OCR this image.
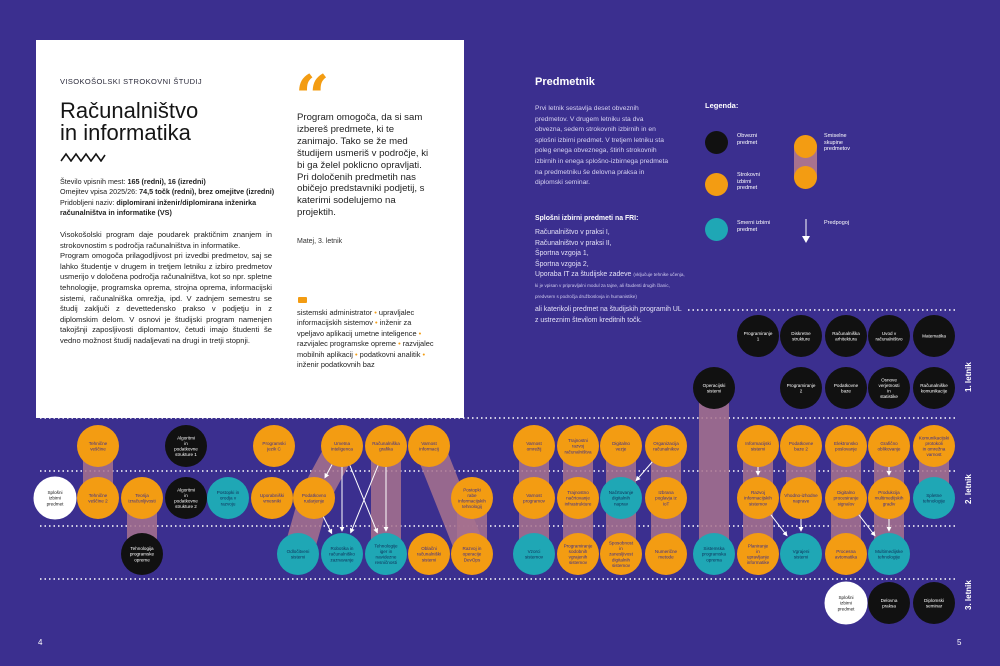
VISOKOŠOLSKI STROKOVNI ŠTUDIJ
Računalništvo
in informatika
Število vpisnih mest: 165 (redni), 16 (izredni)
Omejitev vpisa 2025/26: 74,5 točk (redni), brez omejitve (izredni)
Pridobljeni naziv: diplomirani inženir/diplomirana inženirka računalništva in informatike (VS)
Visokošolski program daje poudarek praktičnim znanjem in strokovnostim s področja računalništva in informatike.
Program omogoča prilagodljivost pri izvedbi predmetov, saj se lahko študentje v drugem in tretjem letniku z izbiro predmetov usmerijo v določena področja računalništva, kot so npr. spletne tehnologije, programska oprema, strojna oprema, informacijski sistemi, računalniška omrežja, ipd. V zadnjem semestru se študij zaključi z devettedensko prakso v podjetju in z diplomskim delom. V osnovi je študijski program namenjen takojšnji zaposljivosti diplomantov, četudi imajo študenti še vedno možnost študij nadaljevati na drugi in tretji stopnji.
“
Program omogoča, da si sam izbereš predmete, ki te zanimajo. Tako se že med študijem usmeriš v področje, ki bi ga želel poklicno opravljati. Pri določenih predmetih nas običejo predstavniki podjetij, s katerimi sodelujemo na projektih.
Matej, 3. letnik
sistemski administrator • upravljalec informacijskih sistemov • inženir za vpeljavo aplikacij umetne inteligence • razvijalec programske opreme • razvijalec mobilnih aplikacij • podatkovni analitik • inženir podatkovnih baz
Predmetnik
Prvi letnik sestavlja deset obveznih predmetov. V drugem letniku sta dva obvezna, sedem strokovnih izbirnih in en splošni izbirni predmet. V tretjem letniku sta poleg enega obveznega, štirih strokovnih izbirnih in enega splošno-izbirnega predmeta na predmetniku še delovna praksa in diplomski seminar.
Splošni izbirni predmeti na FRI:
Računalništvo v praksi I,
Računalništvo v praksi II,
Športna vzgoja 1,
Športna vzgoja 2,
Uporaba IT za študijske zadeve (vključuje tehnike učenja, ki je vpisan v pripravljalni modul za tajne, ali študenti drugih članic, predvsem s področja družboslovja in humanistike)
ali katerikoli predmet na študijskih programih UL z ustreznim številom kreditnih točk.
Legenda:
Obvezni predmet
Strokovni izbirni predmet
Smerni izbirni predmet
Smiselne skupine predmetov
Predpogoj
Programiranje 1
Diskretne strukture
Računalniška arhitektura
Uvod v računalništvo
Matematika
Operacijski sistemi
Programiranje 2
Podatkovne baze
Osnove verjetnosti in statistike
Računalniške komunikacije
Tehnične veščine
Algoritmi in podatkovne strukture 1
Programski jezik C
Umetna inteligenca
Računalniška grafika
Varnost informacij
Varnost omrežij
Trajnostni razvoj računalništva
Digitalno vezje
Organizacija računalnikov
Informacijski sistemi
Podatkovne baze 2
Elektronsko poslovanje
Grafično oblikovanje
Komunikacijski protokoli in omrežna varnost
Splošni izbirni predmet
Tehnične veščine 2
Teorija izračunljivosti
Algoritmi in podatkovne strukture 2
Postopki in orodja v razvoju
Uporabniški vmesniki
Podatkovno rudarjenje
Postopki rabe informacijskih tehnologij
Varnost programov
Trajnostno načrtovanje infrastrukture
Načrtovanje digitalnih naprav
Izbrana poglavja iz IoT
Razvoj informacijskih sistemov
Vhodno-izhodne naprave
Digitalno procesiranje signalov
Produkcija multimedijskih gradiv
Spletne tehnologije
Tehnologija programske opreme
Odločitveni sistemi
Robotika in računalniško zaznavanje
Tehnologije iger in navidezne resničnosti
Oblačni računalniški sistemi
Razvoj in operacije DevOps
Vzorci sistemov
Programiranje sodobnih vgrajenih sistemov
Sposobnost in zanesljivost digitalnih sistemov
Numerične metode
Sistemska programska oprema
Planiranje in upravljanje informatike
Vgrajeni sistemi
Procesna avtomatika
Multimedijske tehnologije
Splošni izbirni predmet
Delovna praksa
Diplomski seminar
1. letnik
2. letnik
3. letnik
4	5
